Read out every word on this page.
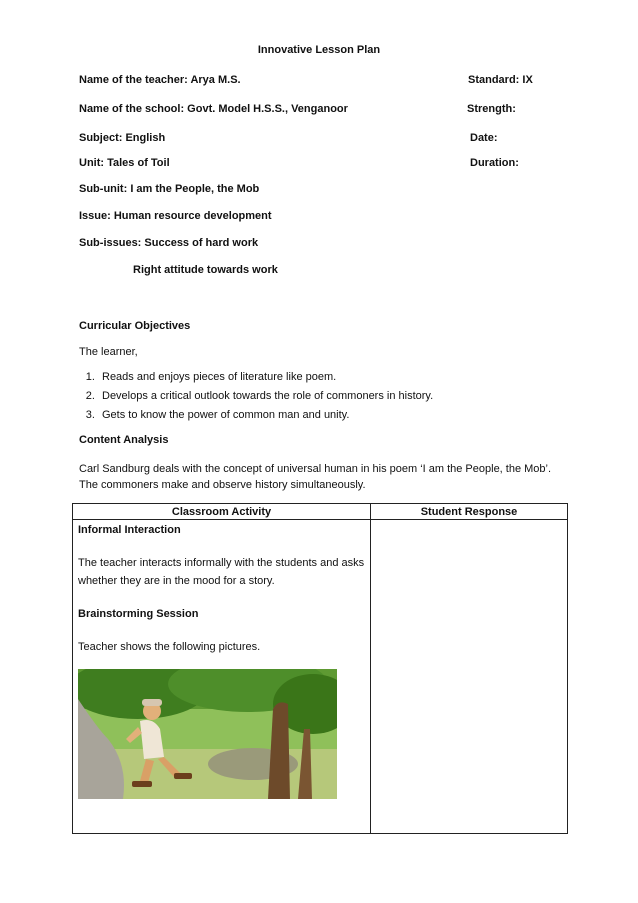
Innovative Lesson Plan
Name of the teacher: Arya M.S.	Standard: IX
Name of the school: Govt. Model H.S.S., Venganoor	Strength:
Subject: English	Date:
Unit: Tales of Toil	Duration:
Sub-unit: I am the People, the Mob
Issue: Human resource development
Sub-issues: Success of hard work
Right attitude towards work
Curricular Objectives
The learner,
1. Reads and enjoys pieces of literature like poem.
2. Develops a critical outlook towards the role of commoners in history.
3. Gets to know the power of common man and unity.
Content Analysis
Carl Sandburg deals with the concept of universal human in his poem ‘I am the People, the Mob’.
The commoners make and observe history simultaneously.
Classroom Activity	Student Response

Informal Interaction
The teacher interacts informally with the students and asks
whether they are in the mood for a story.
Brainstorming Session
Teacher shows the following pictures.	
